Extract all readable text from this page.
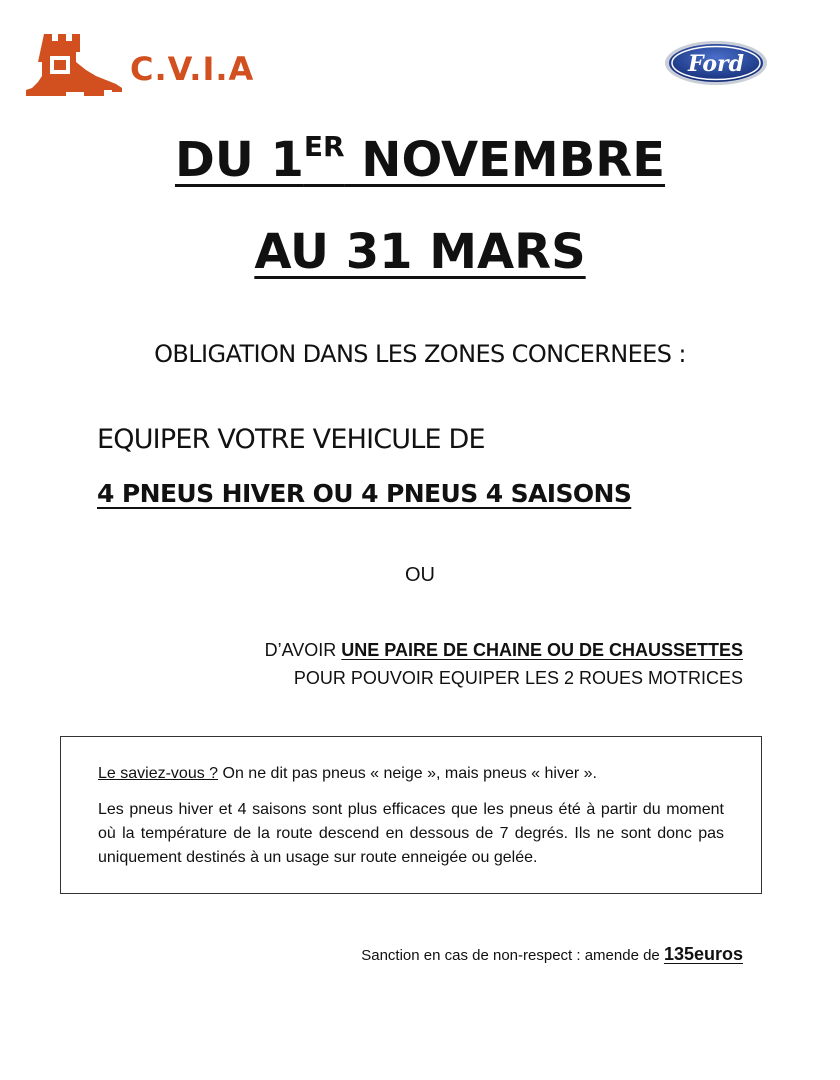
C.V.I.A	Ford
DU 1ER NOVEMBRE
AU 31 MARS
OBLIGATION DANS LES ZONES CONCERNEES :
EQUIPER VOTRE VEHICULE DE
4 PNEUS HIVER OU 4 PNEUS 4 SAISONS
OU
D’AVOIR UNE PAIRE DE CHAINE OU DE CHAUSSETTES
POUR POUVOIR EQUIPER LES 2 ROUES MOTRICES

Le saviez-vous ? On ne dit pas pneus « neige », mais pneus « hiver ».

Les pneus hiver et 4 saisons sont plus efficaces que les pneus été à partir du moment où la température de la route descend en dessous de 7 degrés. Ils ne sont donc pas uniquement destinés à un usage sur route enneigée ou gelée.

Sanction en cas de non-respect : amende de 135euros
